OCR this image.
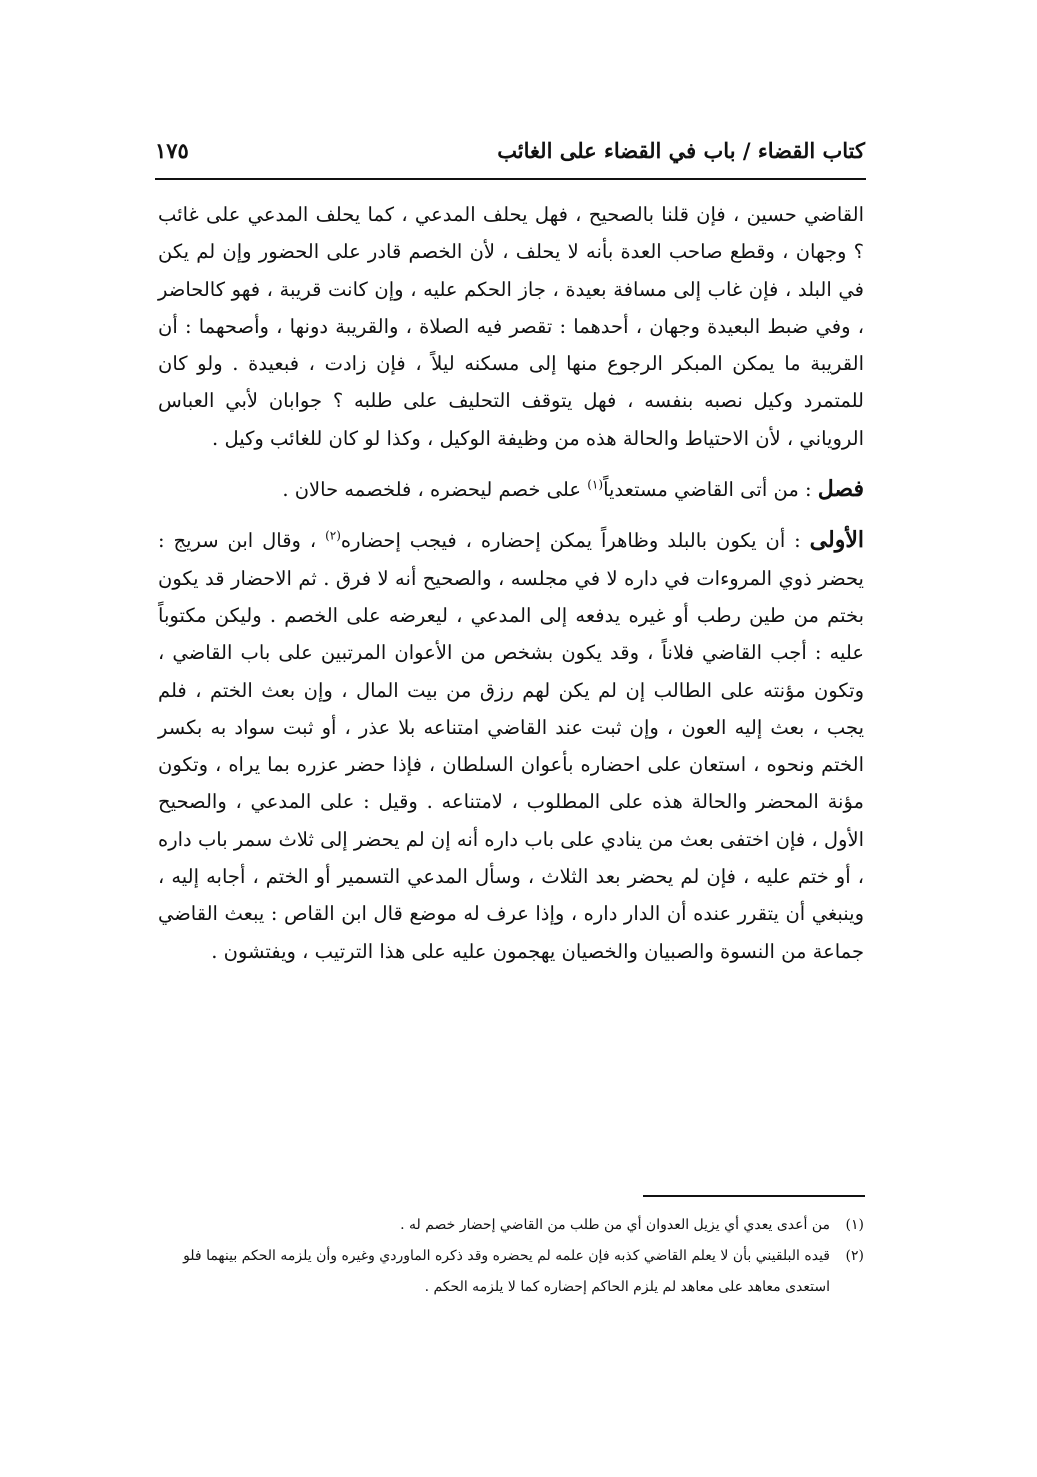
كتاب القضاء / باب في القضاء على الغائب
١٧٥

القاضي حسين ، فإن قلنا بالصحيح ، فهل يحلف المدعي ، كما يحلف المدعي على غائب ؟ وجهان ، وقطع صاحب العدة بأنه لا يحلف ، لأن الخصم قادر على الحضور وإن لم يكن في البلد ، فإن غاب إلى مسافة بعيدة ، جاز الحكم عليه ، وإن كانت قريبة ، فهو كالحاضر ، وفي ضبط البعيدة وجهان ، أحدهما : تقصر فيه الصلاة ، والقريبة دونها ، وأصحهما : أن القريبة ما يمكن المبكر الرجوع منها إلى مسكنه ليلاً ، فإن زادت ، فبعيدة . ولو كان للمتمرد وكيل نصبه بنفسه ، فهل يتوقف التحليف على طلبه ؟ جوابان لأبي العباس الروياني ، لأن الاحتياط والحالة هذه من وظيفة الوكيل ، وكذا لو كان للغائب وكيل .

فصل : من أتى القاضي مستعدياً$^{(١)}$ على خصم ليحضره ، فلخصمه حالان .

الأولى : أن يكون بالبلد وظاهراً يمكن إحضاره ، فيجب إحضاره$^{(٢)}$ ، وقال ابن سريج : يحضر ذوي المروءات في داره لا في مجلسه ، والصحيح أنه لا فرق . ثم الاحضار قد يكون بختم من طين رطب أو غيره يدفعه إلى المدعي ، ليعرضه على الخصم . وليكن مكتوباً عليه : أجب القاضي فلاناً ، وقد يكون بشخص من الأعوان المرتبين على باب القاضي ، وتكون مؤنته على الطالب إن لم يكن لهم رزق من بيت المال ، وإن بعث الختم ، فلم يجب ، بعث إليه العون ، وإن ثبت عند القاضي امتناعه بلا عذر ، أو ثبت سواد به بكسر الختم ونحوه ، استعان على احضاره بأعوان السلطان ، فإذا حضر عزره بما يراه ، وتكون مؤنة المحضر والحالة هذه على المطلوب ، لامتناعه . وقيل : على المدعي ، والصحيح الأول ، فإن اختفى بعث من ينادي على باب داره أنه إن لم يحضر إلى ثلاث سمر باب داره ، أو ختم عليه ، فإن لم يحضر بعد الثلاث ، وسأل المدعي التسمير أو الختم ، أجابه إليه ، وينبغي أن يتقرر عنده أن الدار داره ، وإذا عرف له موضع قال ابن القاص : يبعث القاضي جماعة من النسوة والصبيان والخصيان يهجمون عليه على هذا الترتيب ، ويفتشون .

(١)
من أعدى يعدي أي يزيل العدوان أي من طلب من القاضي إحضار خصم له .
(٢)
قيده البلقيني بأن لا يعلم القاضي كذبه فإن علمه لم يحضره وقد ذكره الماوردي وغيره وأن يلزمه الحكم بينهما فلو استعدى معاهد على معاهد لم يلزم الحاكم إحضاره كما لا يلزمه الحكم .
